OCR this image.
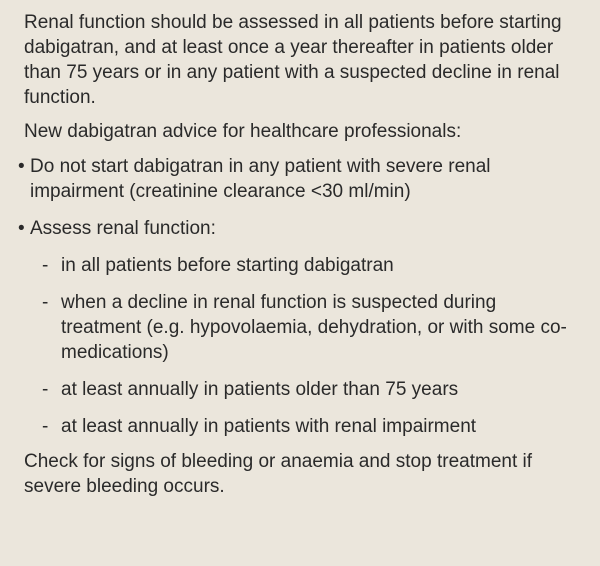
Renal function should be assessed in all patients before starting dabigatran, and at least once a year thereafter in patients older than 75 years or in any patient with a suspected decline in renal function.

New dabigatran advice for healthcare professionals:

• Do not start dabigatran in any patient with severe renal impairment (creatinine clearance <30 ml/min)
• Assess renal function:
- in all patients before starting dabigatran
- when a decline in renal function is suspected during treatment (e.g. hypovolaemia, dehydration, or with some co-medications)
- at least annually in patients older than 75 years
- at least annually in patients with renal impairment

Check for signs of bleeding or anaemia and stop treatment if severe bleeding occurs.
